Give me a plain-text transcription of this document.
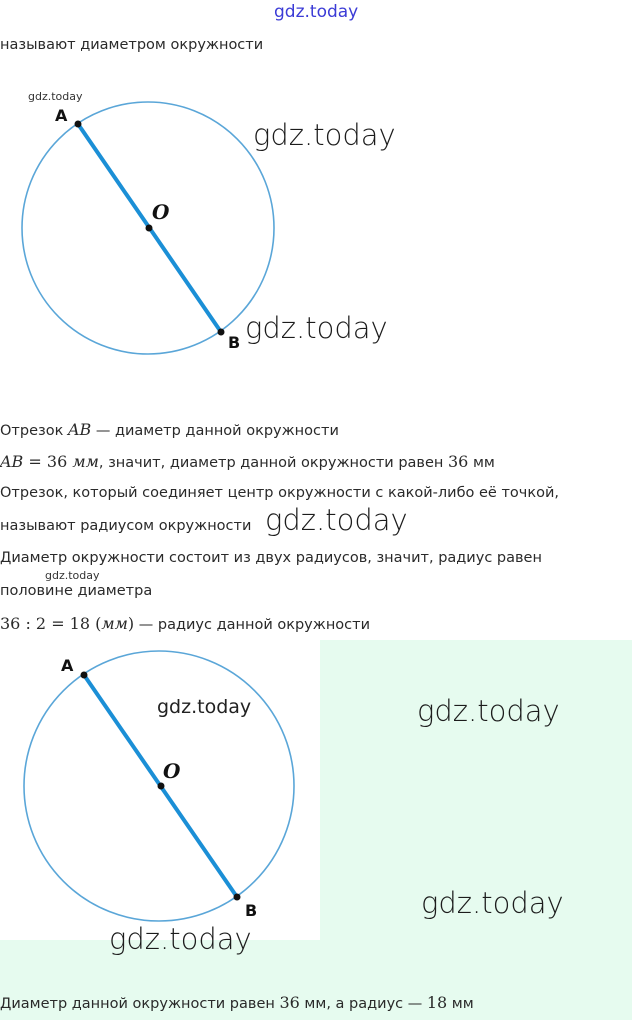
gdz.today
называют диаметром окружности
A
O
B
gdz.today
gdz.today
gdz.today
Отрезок AB — диаметр данной окружности
AB = 36 мм, значит, диаметр данной окружности равен 36 мм
Отрезок, который соединяет центр окружности с какой-либо её точкой,
называют радиусом окружности gdz.today
Диаметр окружности состоит из двух радиусов, значит, радиус равен
gdz.today
половине диаметра
36 : 2 = 18 (мм) — радиус данной окружности
A
O
B
gdz.today	gdz.today
gdz.today
gdz.today
Диаметр данной окружности равен 36 мм, а радиус — 18 мм
